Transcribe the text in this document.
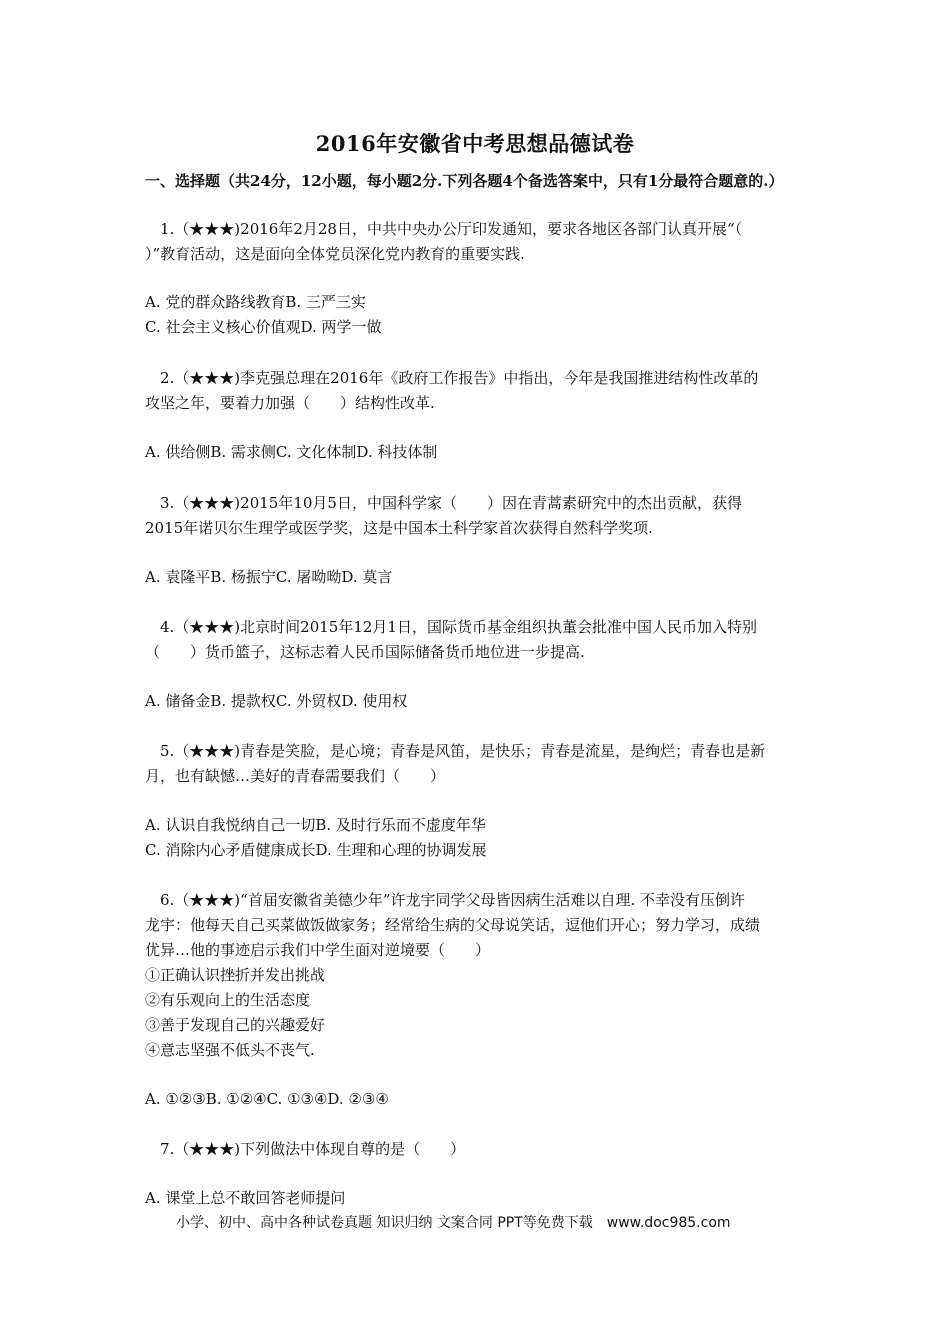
2016年安徽省中考思想品德试卷
一、选择题（共24分，12小题，每小题2分.下列各题4个备选答案中，只有1分最符合题意的.）
1.（★★★)2016年2月28日，中共中央办公厅印发通知，要求各地区各部门认真开展“（
）”教育活动，这是面向全体党员深化党内教育的重要实践.
A. 党的群众路线教育B. 三严三实
C. 社会主义核心价值观D. 两学一做
2.（★★★)李克强总理在2016年《政府工作报告》中指出，今年是我国推进结构性改革的
攻坚之年，要着力加强（　　）结构性改革.
A. 供给侧B. 需求侧C. 文化体制D. 科技体制
3.（★★★)2015年10月5日，中国科学家（　　）因在青蒿素研究中的杰出贡献，获得
2015年诺贝尔生理学或医学奖，这是中国本土科学家首次获得自然科学奖项.
A. 袁隆平B. 杨振宁C. 屠呦呦D. 莫言
4.（★★★)北京时间2015年12月1日，国际货币基金组织执董会批准中国人民币加入特别
（　　）货币篮子，这标志着人民币国际储备货币地位进一步提高.
A. 储备金B. 提款权C. 外贸权D. 使用权
5.（★★★)青春是笑脸，是心境；青春是风笛，是快乐；青春是流星，是绚烂；青春也是新
月，也有缺憾…美好的青春需要我们（　　）
A. 认识自我悦纳自己一切B. 及时行乐而不虚度年华
C. 消除内心矛盾健康成长D. 生理和心理的协调发展
6.（★★★)“首届安徽省美德少年”许龙宇同学父母皆因病生活难以自理. 不幸没有压倒许
龙宇：他每天自己买菜做饭做家务；经常给生病的父母说笑话，逗他们开心；努力学习，成绩
优异…他的事迹启示我们中学生面对逆境要（　　）
①正确认识挫折并发出挑战
②有乐观向上的生活态度
③善于发现自己的兴趣爱好
④意志坚强不低头不丧气.
A. ①②③B. ①②④C. ①③④D. ②③④
7.（★★★)下列做法中体现自尊的是（　　）
A. 课堂上总不敢回答老师提问
小学、初中、高中各种试卷真题 知识归纳 文案合同 PPT等免费下载　www.doc985.com
